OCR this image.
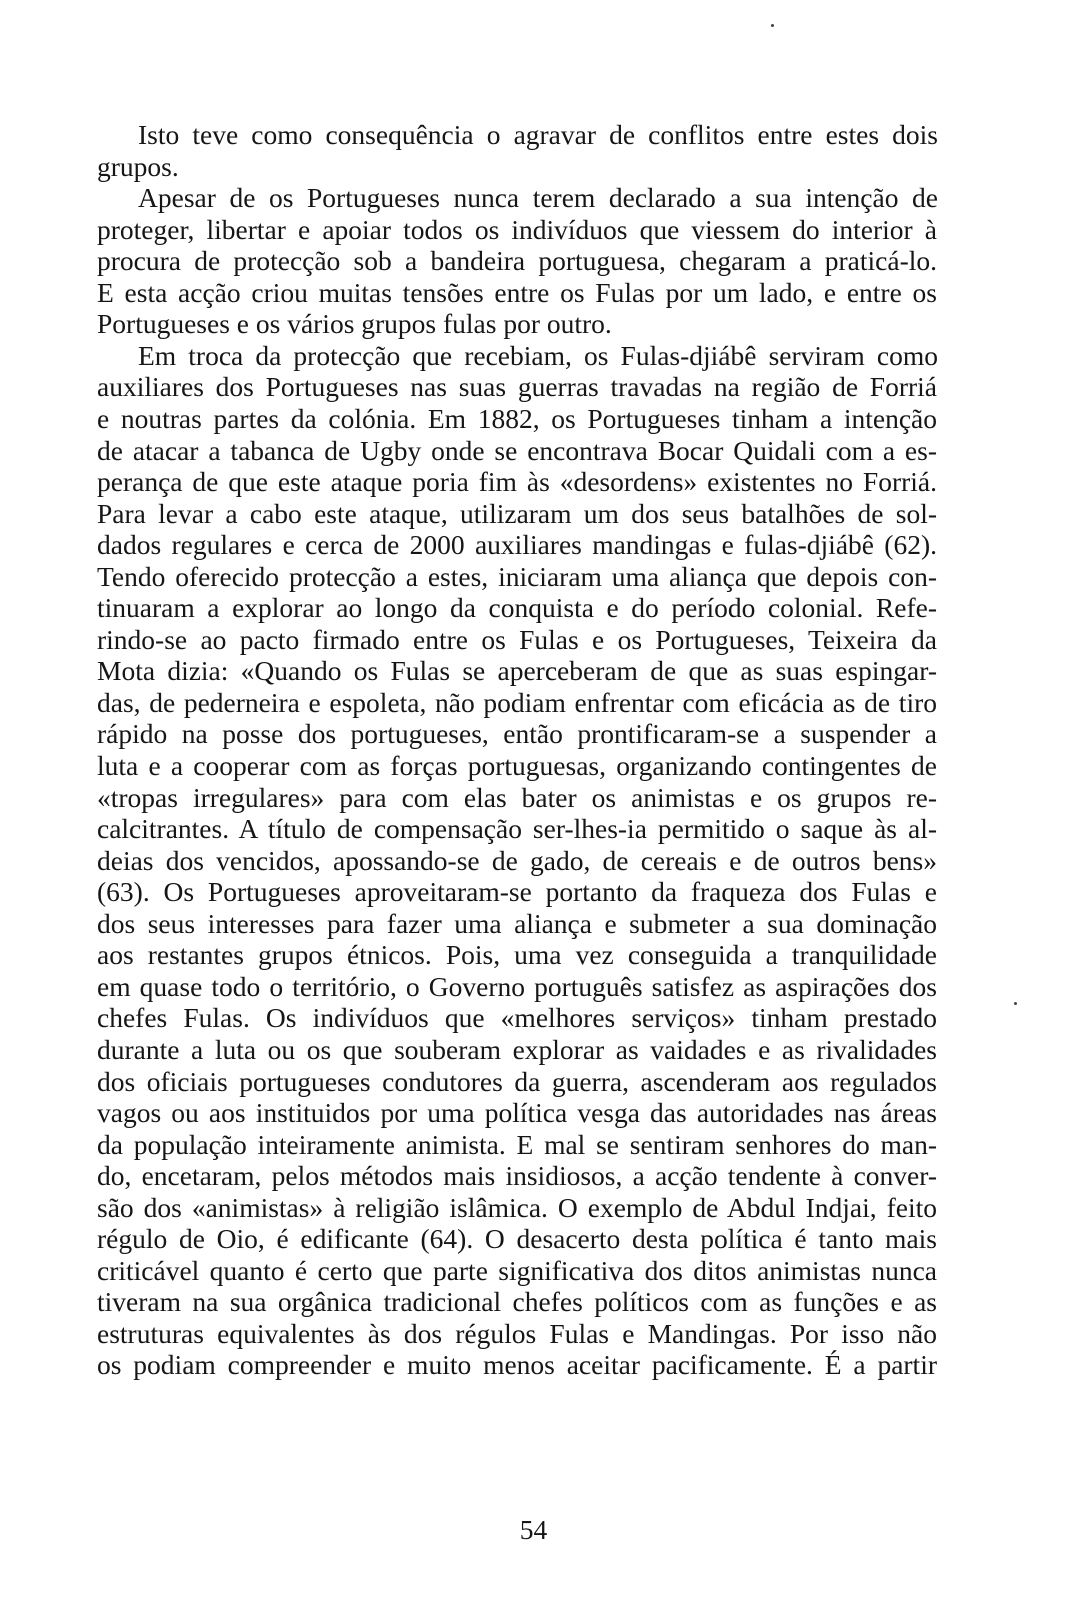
Isto teve como consequência o agravar de conflitos entre estes dois
grupos.
Apesar de os Portugueses nunca terem declarado a sua intenção de
proteger, libertar e apoiar todos os indivíduos que viessem do interior à
procura de protecção sob a bandeira portuguesa, chegaram a praticá-lo.
E esta acção criou muitas tensões entre os Fulas por um lado, e entre os
Portugueses e os vários grupos fulas por outro.
Em troca da protecção que recebiam, os Fulas-djiábê serviram como
auxiliares dos Portugueses nas suas guerras travadas na região de Forriá
e noutras partes da colónia. Em 1882, os Portugueses tinham a intenção
de atacar a tabanca de Ugby onde se encontrava Bocar Quidali com a es-
perança de que este ataque poria fim às «desordens» existentes no Forriá.
Para levar a cabo este ataque, utilizaram um dos seus batalhões de sol-
dados regulares e cerca de 2000 auxiliares mandingas e fulas-djiábê (62).
Tendo oferecido protecção a estes, iniciaram uma aliança que depois con-
tinuaram a explorar ao longo da conquista e do período colonial. Refe-
rindo-se ao pacto firmado entre os Fulas e os Portugueses, Teixeira da
Mota dizia: «Quando os Fulas se aperceberam de que as suas espingar-
das, de pederneira e espoleta, não podiam enfrentar com eficácia as de tiro
rápido na posse dos portugueses, então prontificaram-se a suspender a
luta e a cooperar com as forças portuguesas, organizando contingentes de
«tropas irregulares» para com elas bater os animistas e os grupos re-
calcitrantes. A título de compensação ser-lhes-ia permitido o saque às al-
deias dos vencidos, apossando-se de gado, de cereais e de outros bens»
(63). Os Portugueses aproveitaram-se portanto da fraqueza dos Fulas e
dos seus interesses para fazer uma aliança e submeter a sua dominação
aos restantes grupos étnicos. Pois, uma vez conseguida a tranquilidade
em quase todo o território, o Governo português satisfez as aspirações dos
chefes Fulas. Os indivíduos que «melhores serviços» tinham prestado
durante a luta ou os que souberam explorar as vaidades e as rivalidades
dos oficiais portugueses condutores da guerra, ascenderam aos regulados
vagos ou aos instituidos por uma política vesga das autoridades nas áreas
da população inteiramente animista. E mal se sentiram senhores do man-
do, encetaram, pelos métodos mais insidiosos, a acção tendente à conver-
são dos «animistas» à religião islâmica. O exemplo de Abdul Indjai, feito
régulo de Oio, é edificante (64). O desacerto desta política é tanto mais
criticável quanto é certo que parte significativa dos ditos animistas nunca
tiveram na sua orgânica tradicional chefes políticos com as funções e as
estruturas equivalentes às dos régulos Fulas e Mandingas. Por isso não
os podiam compreender e muito menos aceitar pacificamente. É a partir
54
